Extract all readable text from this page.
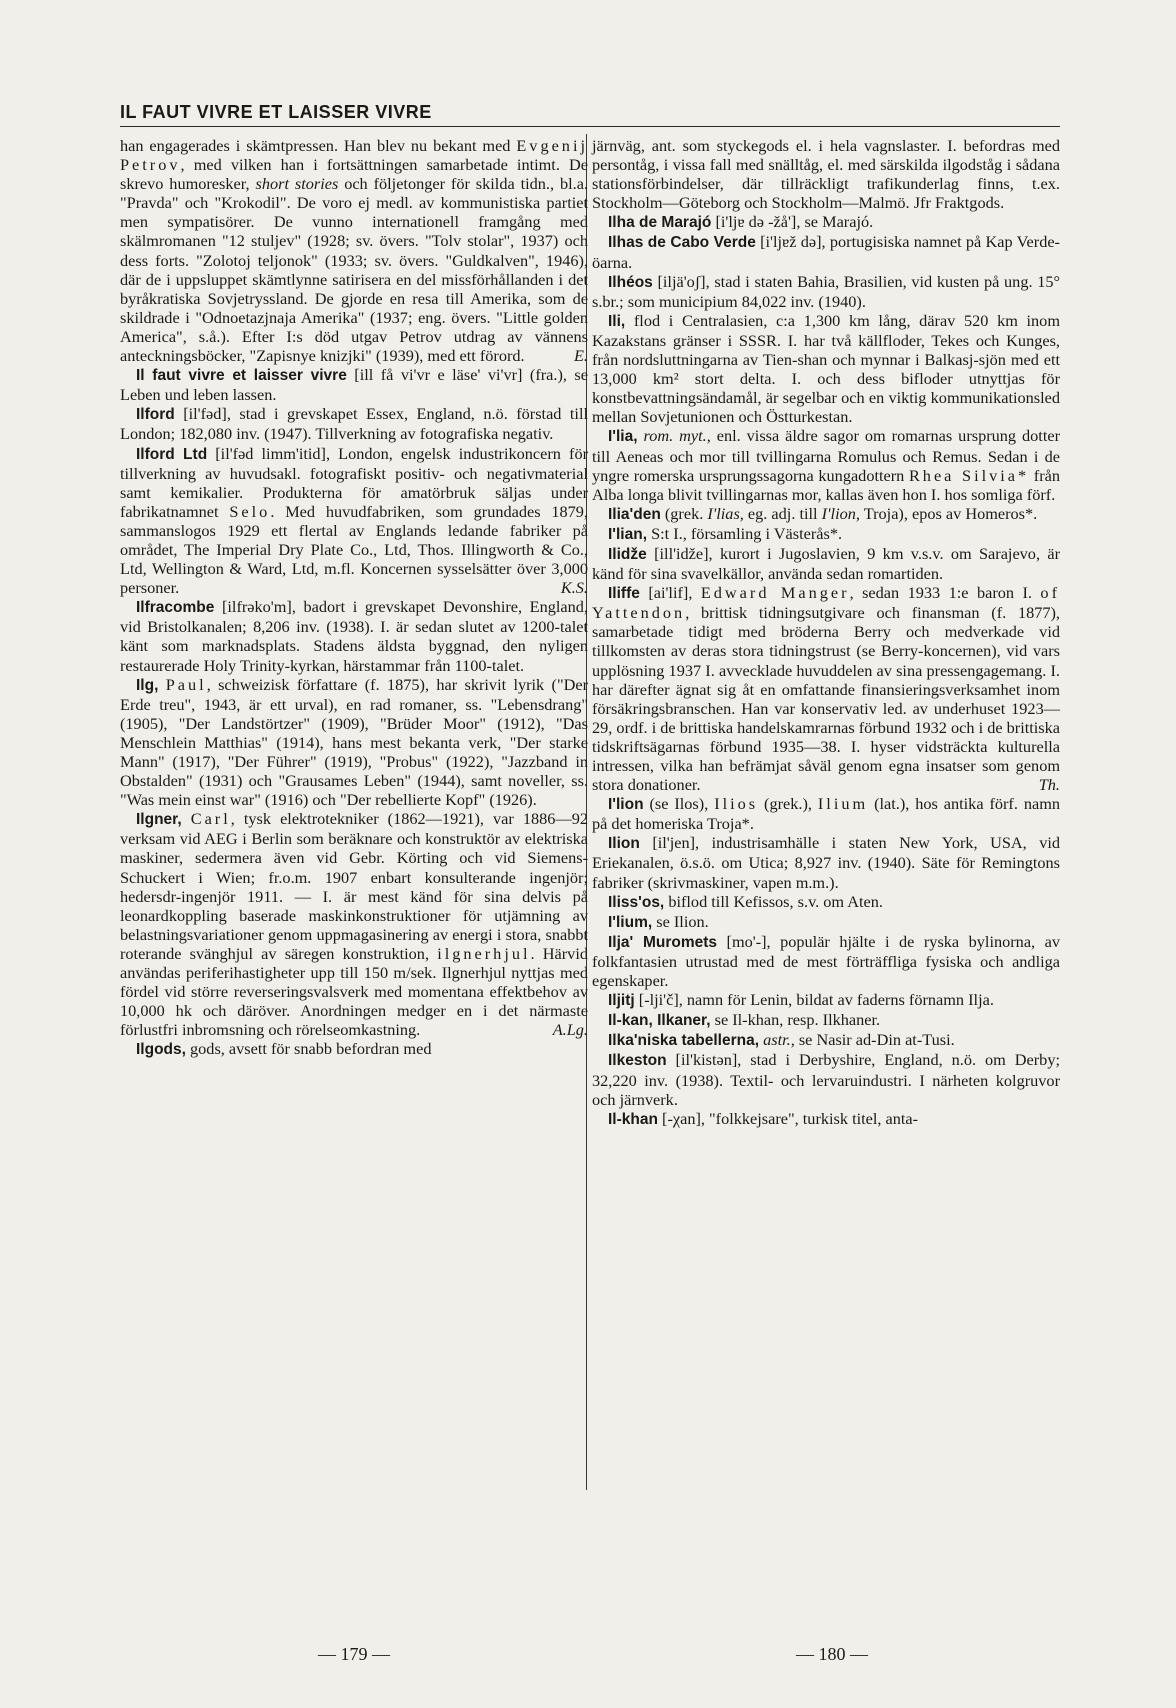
IL FAUT VIVRE ET LAISSER VIVRE

han engagerades i skämtpressen. Han blev nu bekant med Evgenij Petrov, med vilken han i fortsättningen samarbetade intimt. De skrevo humoresker, short stories och följetonger för skilda tidn., bl.a. "Pravda" och "Krokodil". De voro ej medl. av kommunistiska partiet men sympatisörer. De vunno internationell framgång med skälmromanen "12 stuljev" (1928; sv. övers. "Tolv stolar", 1937) och dess forts. "Zolotoj teljonok" (1933; sv. övers. "Guldkalven", 1946), där de i uppsluppet skämtlynne satirisera en del missförhållanden i det byråkratiska Sovjetryssland. De gjorde en resa till Amerika, som de skildrade i "Odnoetazjnaja Amerika" (1937; eng. övers. "Little golden America", s.å.). Efter I:s död utgav Petrov utdrag av vännens anteckningsböcker, "Zapisnye knizjki" (1939), med ett förord.	E.

Il faut vivre et laisser vivre [ill få vi'vr e läse' vi'vr] (fra.), se Leben und leben lassen.

Ilford [il'fəd], stad i grevskapet Essex, England, n.ö. förstad till London; 182,080 inv. (1947). Tillverkning av fotografiska negativ.

Ilford Ltd [il'fəd limm'itid], London, engelsk industrikoncern för tillverkning av huvudsakl. fotografiskt positiv- och negativmaterial samt kemikalier. Produkterna för amatörbruk säljas under fabrikatnamnet Selo. Med huvudfabriken, som grundades 1879, sammanslogos 1929 ett flertal av Englands ledande fabriker på området, The Imperial Dry Plate Co., Ltd, Thos. Illingworth & Co., Ltd, Wellington & Ward, Ltd, m.fl. Koncernen sysselsätter över 3,000 personer.	K.S.

Ilfracombe [ilfrəko'm], badort i grevskapet Devonshire, England, vid Bristolkanalen; 8,206 inv. (1938). I. är sedan slutet av 1200-talet känt som marknadsplats. Stadens äldsta byggnad, den nyligen restaurerade Holy Trinity-kyrkan, härstammar från 1100-talet.

Ilg, Paul, schweizisk författare (f. 1875), har skrivit lyrik ("Der Erde treu", 1943, är ett urval), en rad romaner, ss. "Lebensdrang" (1905), "Der Landstörtzer" (1909), "Brüder Moor" (1912), "Das Menschlein Matthias" (1914), hans mest bekanta verk, "Der starke Mann" (1917), "Der Führer" (1919), "Probus" (1922), "Jazzband in Obstalden" (1931) och "Grausames Leben" (1944), samt noveller, ss. "Was mein einst war" (1916) och "Der rebellierte Kopf" (1926).

Ilgner, Carl, tysk elektrotekniker (1862—1921), var 1886—92 verksam vid AEG i Berlin som beräknare och konstruktör av elektriska maskiner, sedermera även vid Gebr. Körting och vid Siemens-Schuckert i Wien; fr.o.m. 1907 enbart konsulterande ingenjör; hedersdr-ingenjör 1911. — I. är mest känd för sina delvis på leonardkoppling baserade maskinkonstruktioner för utjämning av belastningsvariationer genom uppmagasinering av energi i stora, snabbt roterande svänghjul av säregen konstruktion, ilgnerhjul. Härvid användas periferihastigheter upp till 150 m/sek. Ilgnerhjul nyttjas med fördel vid större reverseringsvalsverk med momentana effektbehov av 10,000 hk och däröver. Anordningen medger en i det närmaste förlustfri inbromsning och rörelseomkastning.	A.Lg.

Ilgods, gods, avsett för snabb befordran med

järnväg, ant. som styckegods el. i hela vagnslaster. I. befordras med persontåg, i vissa fall med snälltåg, el. med särskilda ilgodståg i sådana stationsförbindelser, där tillräckligt trafikunderlag finns, t.ex. Stockholm—Göteborg och Stockholm—Malmö. Jfr Fraktgods.

Ilha de Marajó [i'ljɐ də -žå'], se Marajó.

Ilhas de Cabo Verde [i'ljɐž də], portugisiska namnet på Kap Verde-öarna.

Ilhéos [iljä'oʃ], stad i staten Bahia, Brasilien, vid kusten på ung. 15° s.br.; som municipium 84,022 inv. (1940).

Ili, flod i Centralasien, c:a 1,300 km lång, därav 520 km inom Kazakstans gränser i SSSR. I. har två källfloder, Tekes och Kunges, från nordsluttningarna av Tien-shan och mynnar i Balkasj-sjön med ett 13,000 km² stort delta. I. och dess bifloder utnyttjas för konstbevattningsändamål, är segelbar och en viktig kommunikationsled mellan Sovjetunionen och Östturkestan.

I'lia, rom. myt., enl. vissa äldre sagor om romarnas ursprung dotter till Aeneas och mor till tvillingarna Romulus och Remus. Sedan i de yngre romerska ursprungssagorna kungadottern Rhea Silvia* från Alba longa blivit tvillingarnas mor, kallas även hon I. hos somliga förf.

Ilia'den (grek. I'lias, eg. adj. till I'lion, Troja), epos av Homeros*.

I'lian, S:t I., församling i Västerås*.

Ilidže [ill'idže], kurort i Jugoslavien, 9 km v.s.v. om Sarajevo, är känd för sina svavelkällor, använda sedan romartiden.

Iliffe [ai'lif], Edward Manger, sedan 1933 1:e baron I. of Yattendon, brittisk tidningsutgivare och finansman (f. 1877), samarbetade tidigt med bröderna Berry och medverkade vid tillkomsten av deras stora tidningstrust (se Berry-koncernen), vid vars upplösning 1937 I. avvecklade huvuddelen av sina pressengagemang. I. har därefter ägnat sig åt en omfattande finansieringsverksamhet inom försäkringsbranschen. Han var konservativ led. av underhuset 1923—29, ordf. i de brittiska handelskamrarnas förbund 1932 och i de brittiska tidskriftsägarnas förbund 1935—38. I. hyser vidsträckta kulturella intressen, vilka han befrämjat såväl genom egna insatser som genom stora donationer.	Th.

I'lion (se Ilos), Ilios (grek.), Ilium (lat.), hos antika förf. namn på det homeriska Troja*.

Ilion [il'jen], industrisamhälle i staten New York, USA, vid Eriekanalen, ö.s.ö. om Utica; 8,927 inv. (1940). Säte för Remingtons fabriker (skrivmaskiner, vapen m.m.).

Iliss'os, biflod till Kefissos, s.v. om Aten.

I'lium, se Ilion.

Ilja' Muromets [mo'-], populär hjälte i de ryska bylinorna, av folkfantasien utrustad med de mest förträffliga fysiska och andliga egenskaper.

Iljitj [-lji'č], namn för Lenin, bildat av faderns förnamn Ilja.

Il-kan, Ilkaner, se Il-khan, resp. Ilkhaner.

Ilka'niska tabellerna, astr., se Nasir ad-Din at-Tusi.

Ilkeston [il'kistən], stad i Derbyshire, England, n.ö. om Derby; 32,220 inv. (1938). Textil- och lervaruindustri. I närheten kolgruvor och järnverk.

Il-khan [-χan], "folkkejsare", turkisk titel, anta-

— 179 —	— 180 —
